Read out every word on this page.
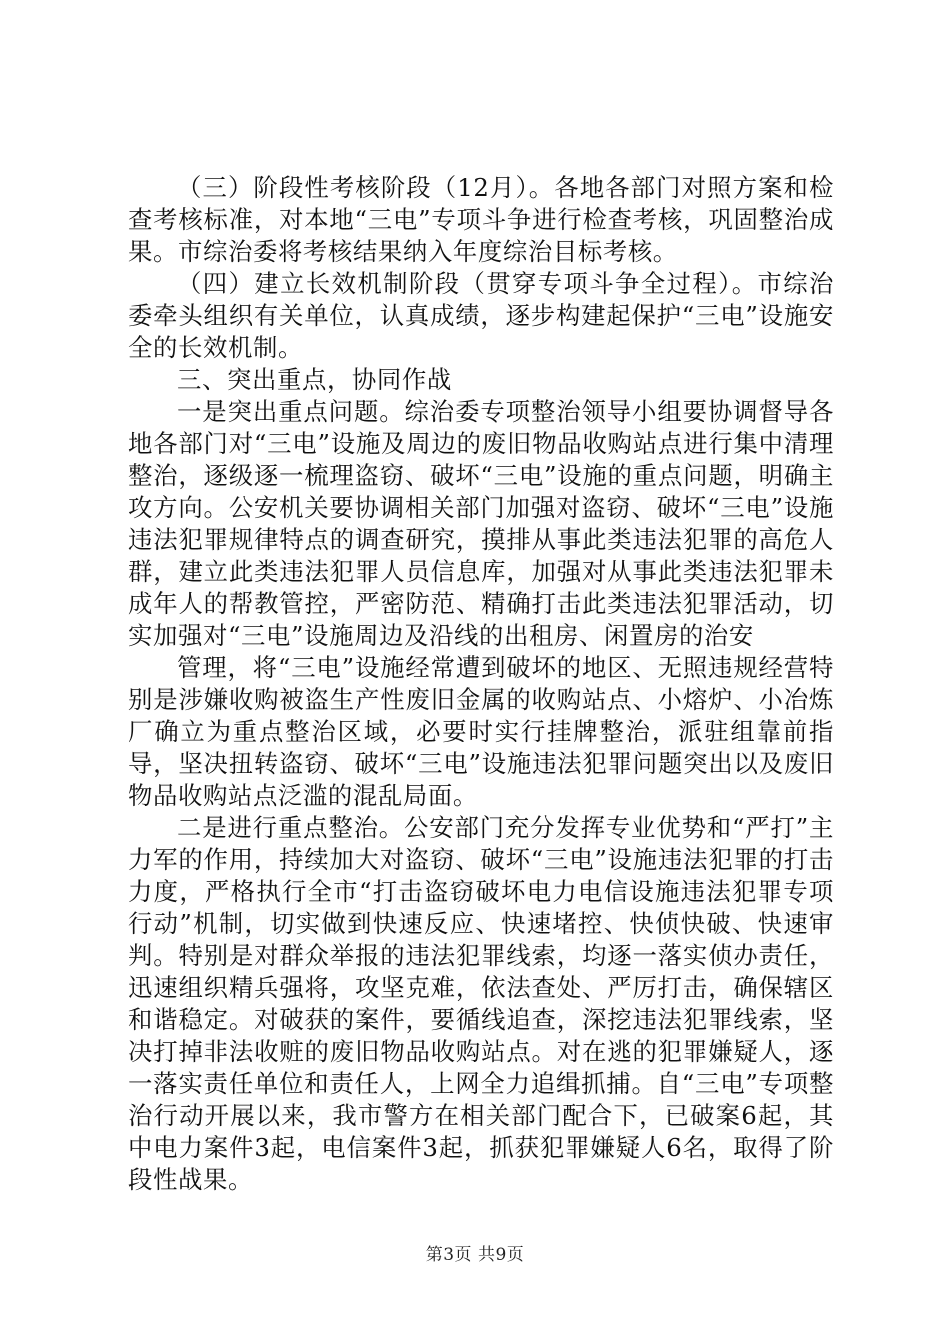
（三）阶段性考核阶段（12月）。各地各部门对照方案和检查考核标准，对本地“三电”专项斗争进行检查考核，巩固整治成果。市综治委将考核结果纳入年度综治目标考核。

（四）建立长效机制阶段（贯穿专项斗争全过程）。市综治委牵头组织有关单位，认真成绩，逐步构建起保护“三电”设施安全的长效机制。

三、突出重点，协同作战

一是突出重点问题。综治委专项整治领导小组要协调督导各地各部门对“三电”设施及周边的废旧物品收购站点进行集中清理整治，逐级逐一梳理盗窃、破坏“三电”设施的重点问题，明确主攻方向。公安机关要协调相关部门加强对盗窃、破坏“三电”设施违法犯罪规律特点的调查研究，摸排从事此类违法犯罪的高危人群，建立此类违法犯罪人员信息库，加强对从事此类违法犯罪未成年人的帮教管控，严密防范、精确打击此类违法犯罪活动，切实加强对“三电”设施周边及沿线的出租房、闲置房的治安

管理，将“三电”设施经常遭到破坏的地区、无照违规经营特别是涉嫌收购被盗生产性废旧金属的收购站点、小熔炉、小冶炼厂确立为重点整治区域，必要时实行挂牌整治，派驻组靠前指导，坚决扭转盗窃、破坏“三电”设施违法犯罪问题突出以及废旧物品收购站点泛滥的混乱局面。

二是进行重点整治。公安部门充分发挥专业优势和“严打”主力军的作用，持续加大对盗窃、破坏“三电”设施违法犯罪的打击力度，严格执行全市“打击盗窃破坏电力电信设施违法犯罪专项行动”机制，切实做到快速反应、快速堵控、快侦快破、快速审判。特别是对群众举报的违法犯罪线索，均逐一落实侦办责任，迅速组织精兵强将，攻坚克难，依法查处、严厉打击，确保辖区和谐稳定。对破获的案件，要循线追查，深挖违法犯罪线索，坚决打掉非法收赃的废旧物品收购站点。对在逃的犯罪嫌疑人，逐一落实责任单位和责任人，上网全力追缉抓捕。自“三电”专项整治行动开展以来，我市警方在相关部门配合下，已破案6起，其中电力案件3起，电信案件3起，抓获犯罪嫌疑人6名，取得了阶段性战果。

第3页 共9页
